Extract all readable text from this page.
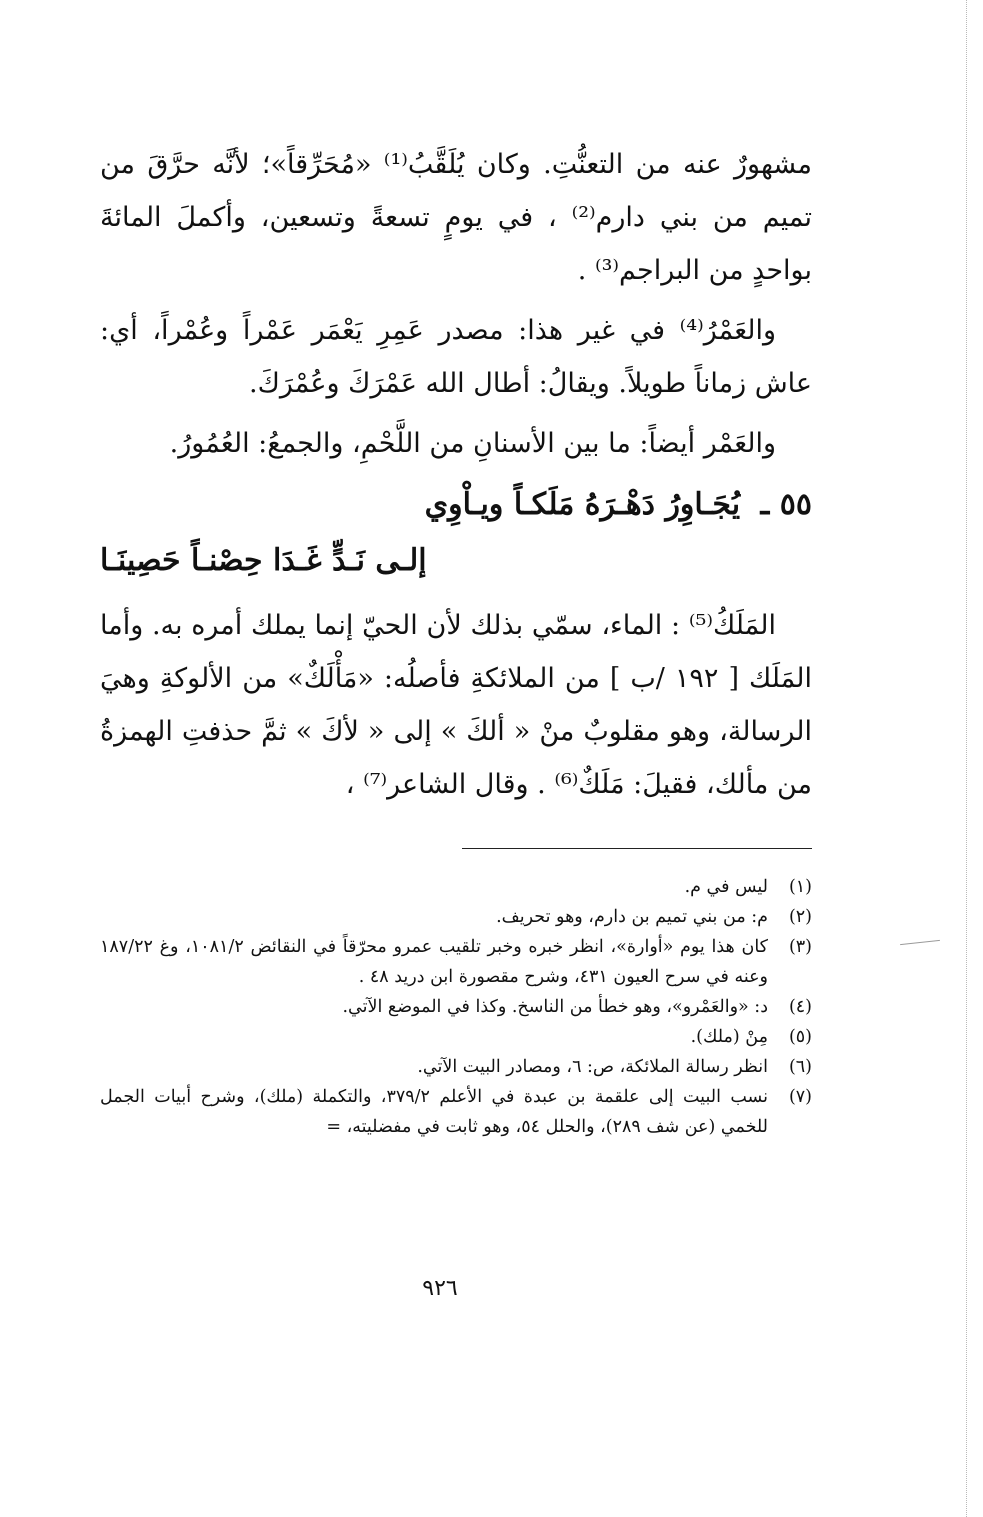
مشهورٌ عنه من التعنُّتِ. وكان يُلَقَّبُ⁽¹⁾ «مُحَرِّقاً»؛ لأنَّه حرَّقَ من تميم من بني دارم⁽²⁾ ، في يومٍ تسعةً وتسعين، وأكملَ المائةَ بواحدٍ من البراجم⁽³⁾ .

والعَمْرُ⁽⁴⁾ في غير هذا: مصدر عَمِرِ يَعْمَر عَمْراً وعُمْراً، أي: عاش زماناً طويلاً. ويقالُ: أطال الله عَمْرَكَ وعُمْرَكَ.

والعَمْر أيضاً: ما بين الأسنانِ من اللَّحْمِ، والجمعُ: العُمُورُ.

٥٥ ـ يُجَـاوِرُ دَهْـرَهُ مَلَكـاً ويـاْوِي

إلـى نَـدٍّ غَـدَا حِصْنـاً حَصِينَـا

المَلَكُ⁽⁵⁾ : الماء، سمّي بذلك لأن الحيّ إنما يملك أمره به. وأما المَلَك [ ١٩٢ /ب ] من الملائكةِ فأصلُه: «مَأْلَكٌ» من الألوكةِ وهيَ الرسالة، وهو مقلوبٌ منْ « ألكَ » إلى « لأكَ » ثمَّ حذفتِ الهمزةُ من مألك، فقيلَ: مَلَكٌ⁽⁶⁾ . وقال الشاعر⁽⁷⁾ ،

(١)
ليس في م.
(٢)
م: من بني تميم بن دارم، وهو تحريف.
(٣)
كان هذا يوم «أوارة»، انظر خبره وخبر تلقيب عمرو محرّقاً في النقائض ١٠٨١/٢، وغ ١٨٧/٢٢ وعنه في سرح العيون ٤٣١، وشرح مقصورة ابن دريد ٤٨ .
(٤)
د: «والعَمْرو»، وهو خطأ من الناسخ. وكذا في الموضع الآتي.
(٥)
مِنْ (ملك).
(٦)
انظر رسالة الملائكة، ص: ٦، ومصادر البيت الآتي.
(٧)
نسب البيت إلى علقمة بن عبدة في الأعلم ٣٧٩/٢، والتكملة (ملك)، وشرح أبيات الجمل للخمي (عن شف ٢٨٩)، والحلل ٥٤، وهو ثابت في مفضليته، =
٩٢٦
